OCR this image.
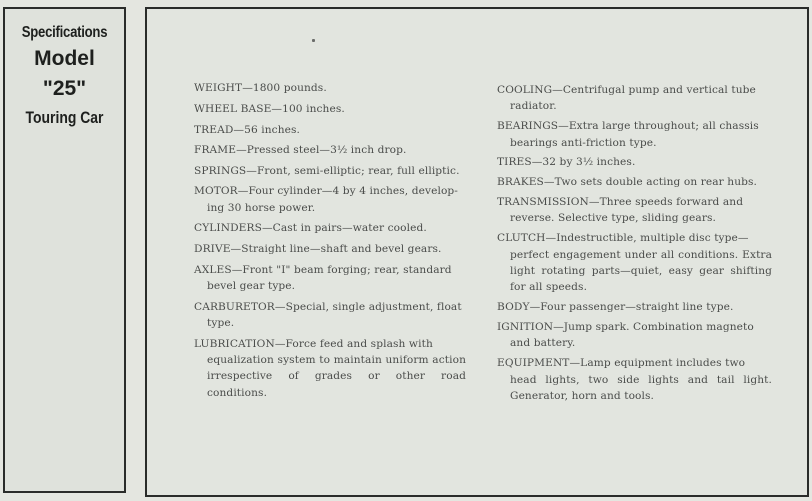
Specifications
Model
"25"
Touring Car
WEIGHT—1800 pounds.
WHEEL BASE—100 inches.
TREAD—56 inches.
FRAME—Pressed steel—3½ inch drop.
SPRINGS—Front, semi-elliptic; rear, full elliptic.
MOTOR—Four cylinder—4 by 4 inches, develop-
ing 30 horse power.
CYLINDERS—Cast in pairs—water cooled.
DRIVE—Straight line—shaft and bevel gears.
AXLES—Front "I" beam forging; rear, standard
bevel gear type.
CARBURETOR—Special, single adjustment, float
type.
LUBRICATION—Force feed and splash with
equalization system to maintain uniform action irrespective of grades or other road conditions.
COOLING—Centrifugal pump and vertical tube
radiator.
BEARINGS—Extra large throughout; all chassis
bearings anti-friction type.
TIRES—32 by 3½ inches.
BRAKES—Two sets double acting on rear hubs.
TRANSMISSION—Three speeds forward and
reverse. Selective type, sliding gears.
CLUTCH—Indestructible, multiple disc type—
perfect engagement under all conditions. Extra light rotating parts—quiet, easy gear shifting for all speeds.
BODY—Four passenger—straight line type.
IGNITION—Jump spark. Combination magneto
and battery.
EQUIPMENT—Lamp equipment includes two
head lights, two side lights and tail light. Generator, horn and tools.
